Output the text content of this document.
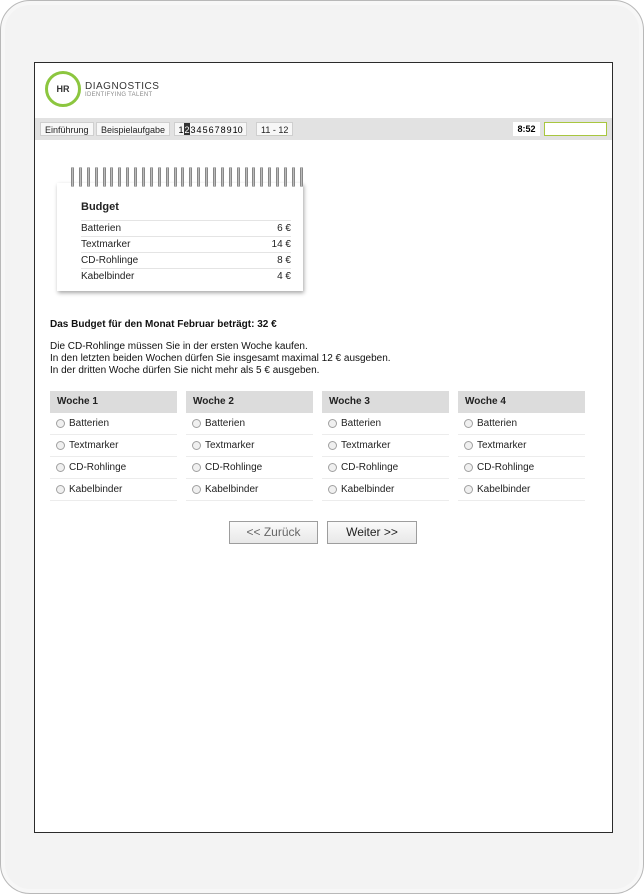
HR	DIAGNOSTICS
IDENTIFYING TALENT
Einführung	Beispielaufgabe	1 2 3 4 5 6 7 8 9 10	11 - 12	8:52
Budget
Batterien	6 €
Textmarker	14 €
CD-Rohlinge	8 €
Kabelbinder	4 €
Das Budget für den Monat Februar beträgt: 32 €
Die CD-Rohlinge müssen Sie in der ersten Woche kaufen.
In den letzten beiden Wochen dürfen Sie insgesamt maximal 12 € ausgeben.
In der dritten Woche dürfen Sie nicht mehr als 5 € ausgeben.
Woche 1
Batterien
Textmarker
CD-Rohlinge
Kabelbinder
Woche 2
Batterien
Textmarker
CD-Rohlinge
Kabelbinder
Woche 3
Batterien
Textmarker
CD-Rohlinge
Kabelbinder
Woche 4
Batterien
Textmarker
CD-Rohlinge
Kabelbinder
<< Zurück	Weiter >>
